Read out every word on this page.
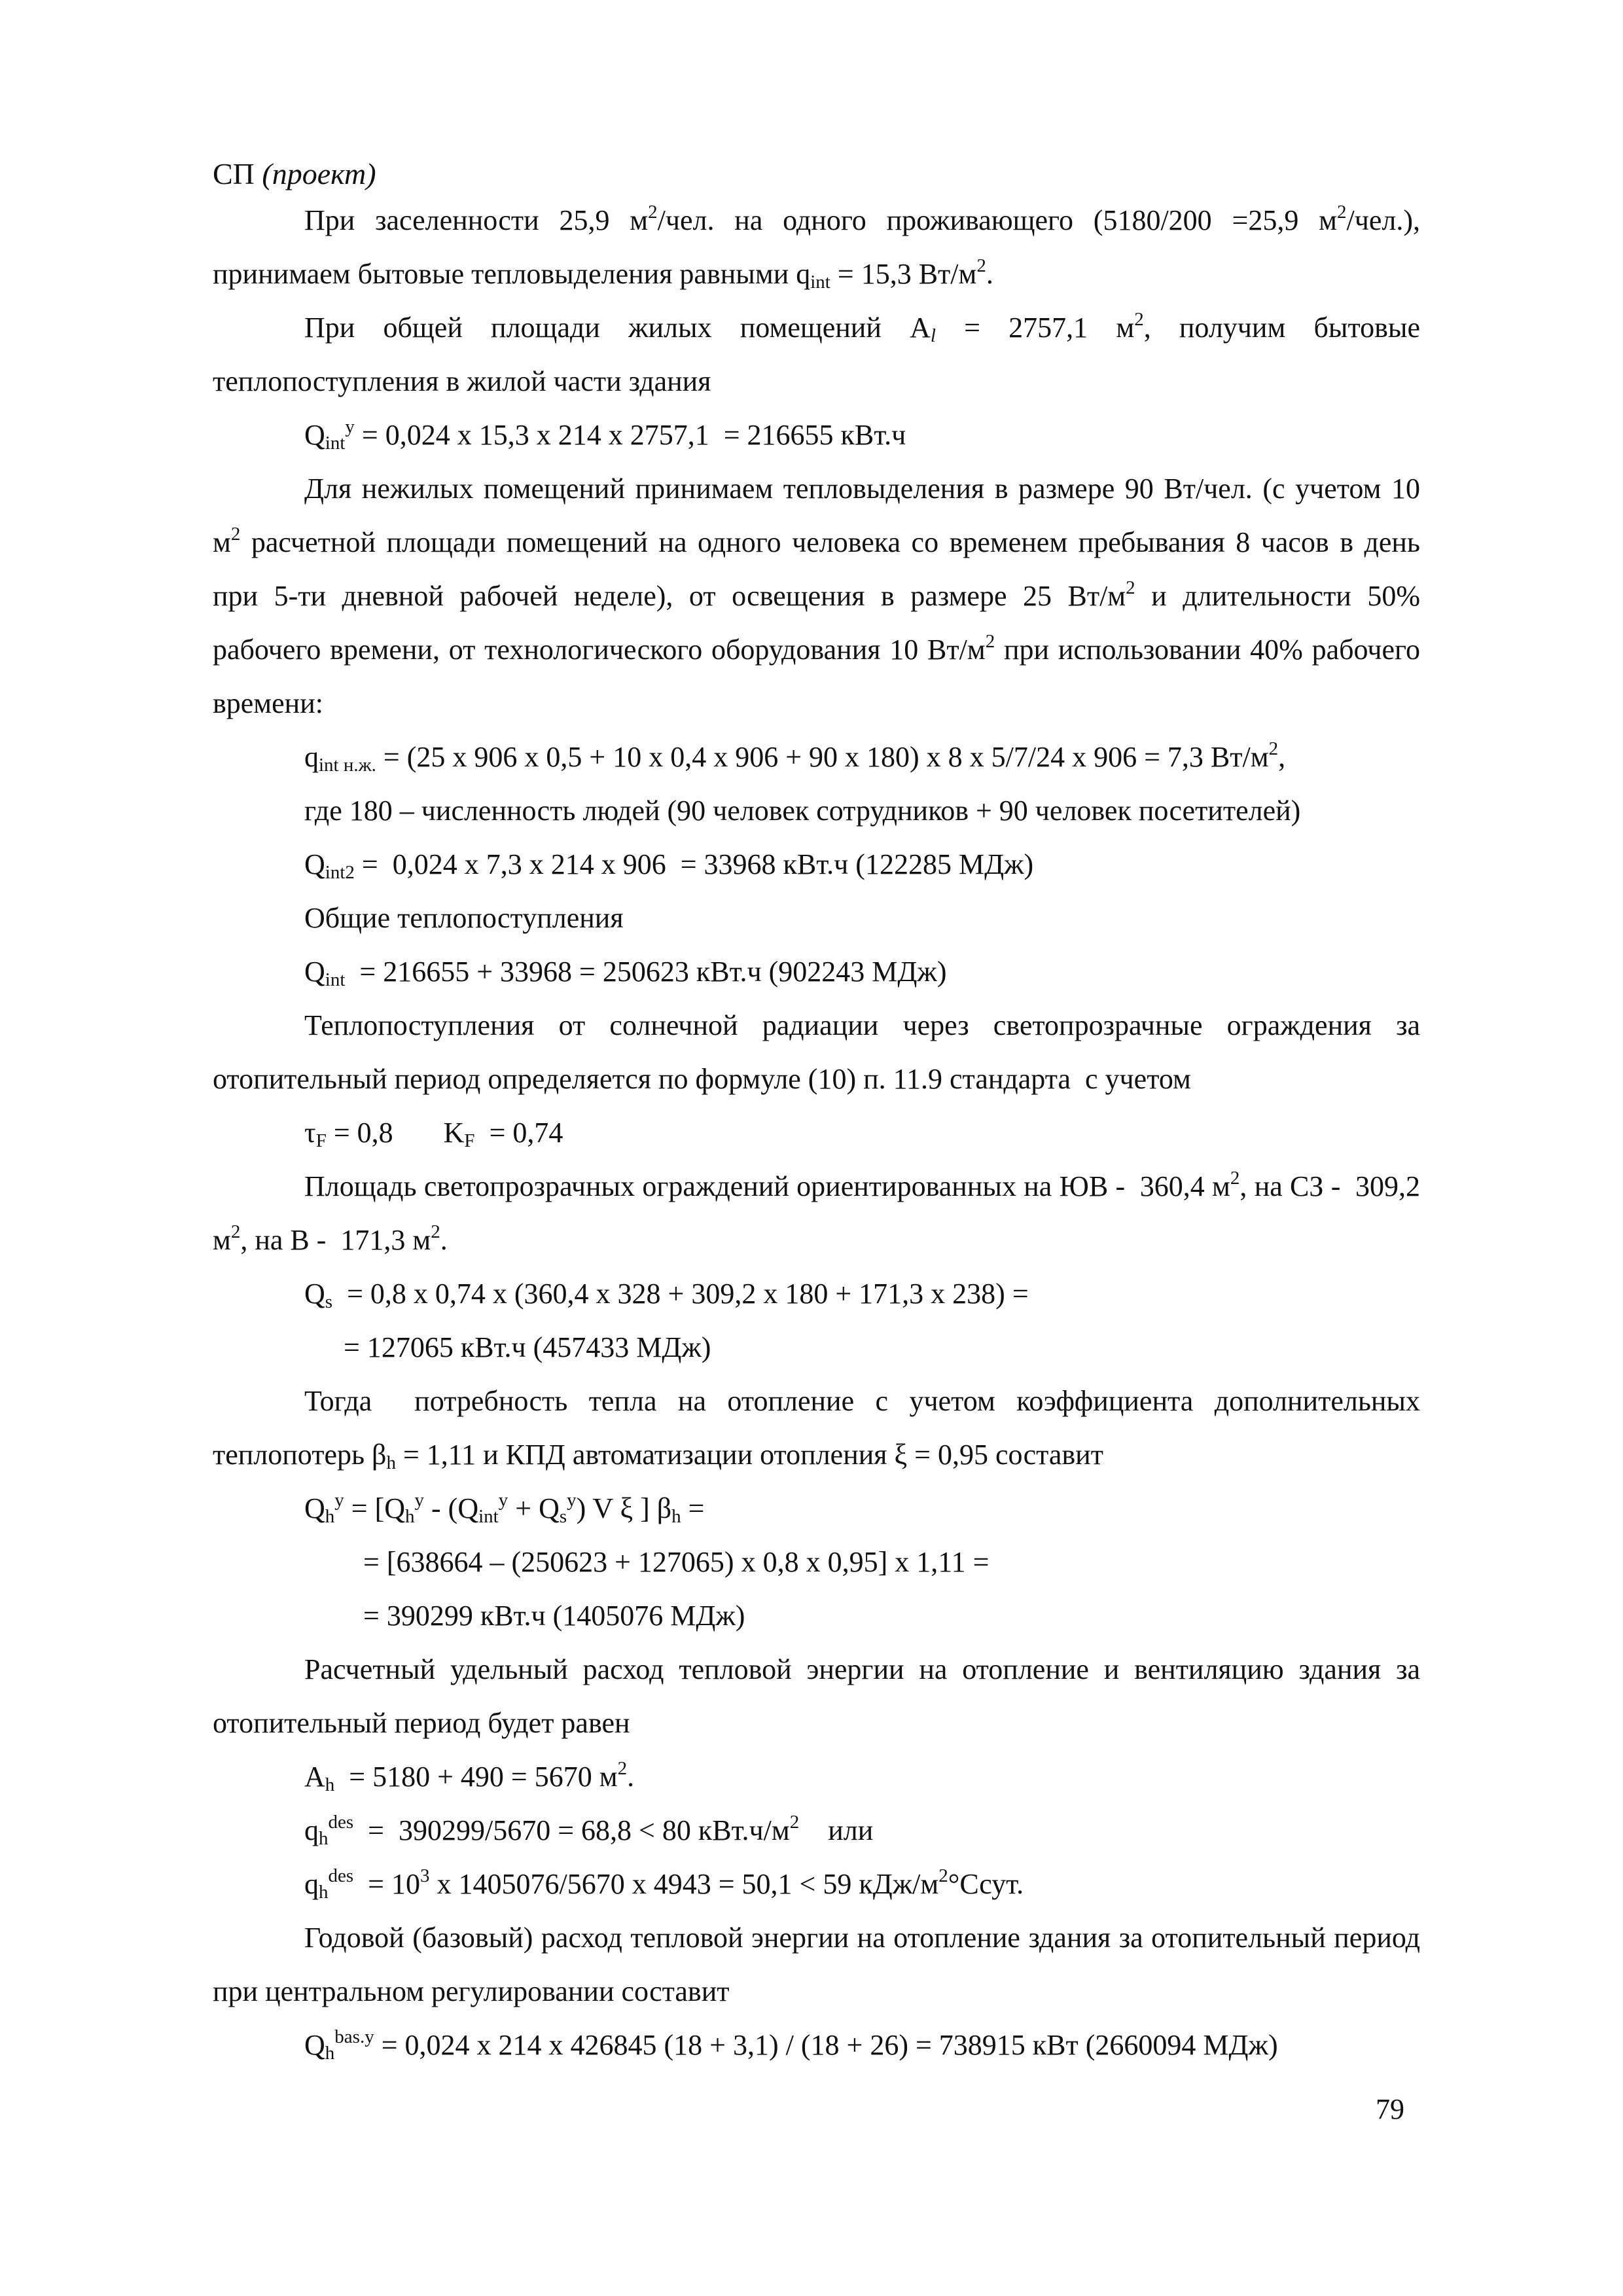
СП (проект)

При заселенности 25,9 $м^2$/чел. на одного проживающего (5180/200 =25,9 $м^2/чел$.), принимаем бытовые тепловыделения равными $q_{int} = 15,3$ $Вт/м^2$.

При общей площади жилых помещений $A_l = 2757,1$ $м^2$, получим бытовые теплопоступления в жилой части здания

$Q_{int}^y = 0,024$ х 15,3 х 214 х 2757,1  = 216655 кВт.ч

Для нежилых помещений принимаем тепловыделения в размере 90 Вт/чел. (с учетом 10 $м^2$ расчетной площади помещений на одного человека со временем пребывания 8 часов в день при 5-ти дневной рабочей неделе), от освещения в размере 25 $Вт/м^2$ и длительности 50% рабочего времени, от технологического оборудования 10 $Вт/м^2$ при использовании 40% рабочего времени:

$q_{int н.ж.} = (25$ х 906 х 0,5 + 10 х 0,4 х 906 + 90 х 180) х 8 х 5/7/24 х 906 = 7,3 $Вт/м^2$,

где 180 – численность людей (90 человек сотрудников + 90 человек посетителей)

$Q_{int2} = 0,024$ х 7,3 х 214 х 906  = 33968 кВт.ч (122285 МДж)

Общие теплопоступления

$Q_{int} = 216655 + 33968 = 250623$ кВт.ч (902243 МДж)

Теплопоступления от солнечной радиации через светопрозрачные ограждения за отопительный период определяется по формуле (10) п. 11.9 стандарта  с учетом

$\tau_F = 0,8$       $K_F = 0,74$

Площадь светопрозрачных ограждений ориентированных на ЮВ -  360,4 $м^2$, на СЗ -  309,2 $м^2$, на В -  171,3 $м^2$.

$Q_s = 0,8$ х 0,74 х (360,4 х 328 + 309,2 х 180 + 171,3 х 238) =

= 127065 кВт.ч (457433 МДж)

Тогда  потребность тепла на отопление с учетом коэффициента дополнительных теплопотерь $\beta_h = 1,11$ и КПД автоматизации отопления ξ = 0,95 составит

$Q_h^y = [Q_h^y - (Q_{int}^y + Q_s^y)$ V ξ ] $\beta_h$ =

= [638664 – (250623 + 127065) х 0,8 х 0,95] х 1,11 =

= 390299 кВт.ч (1405076 МДж)

Расчетный удельный расход тепловой энергии на отопление и вентиляцию здания за отопительный период будет равен

$A_h = 5180 + 490 = 5670$ $м^2$.

$q_h^{des} = 390299/5670 = 68,8 < 80$ $кВт.ч/м^2$    или

$q_h^{des} = 10^3$ х 1405076/5670 х 4943 = 50,1 < 59 кДж/$м^2^\circ Ссут$.

Годовой (базовый) расход тепловой энергии на отопление здания за отопительный период при центральном регулировании составит

$Q_h^{bas.y} = 0,024$ х 214 х 426845 (18 + 3,1) / (18 + 26) = 738915 кВт (2660094 МДж)

79
